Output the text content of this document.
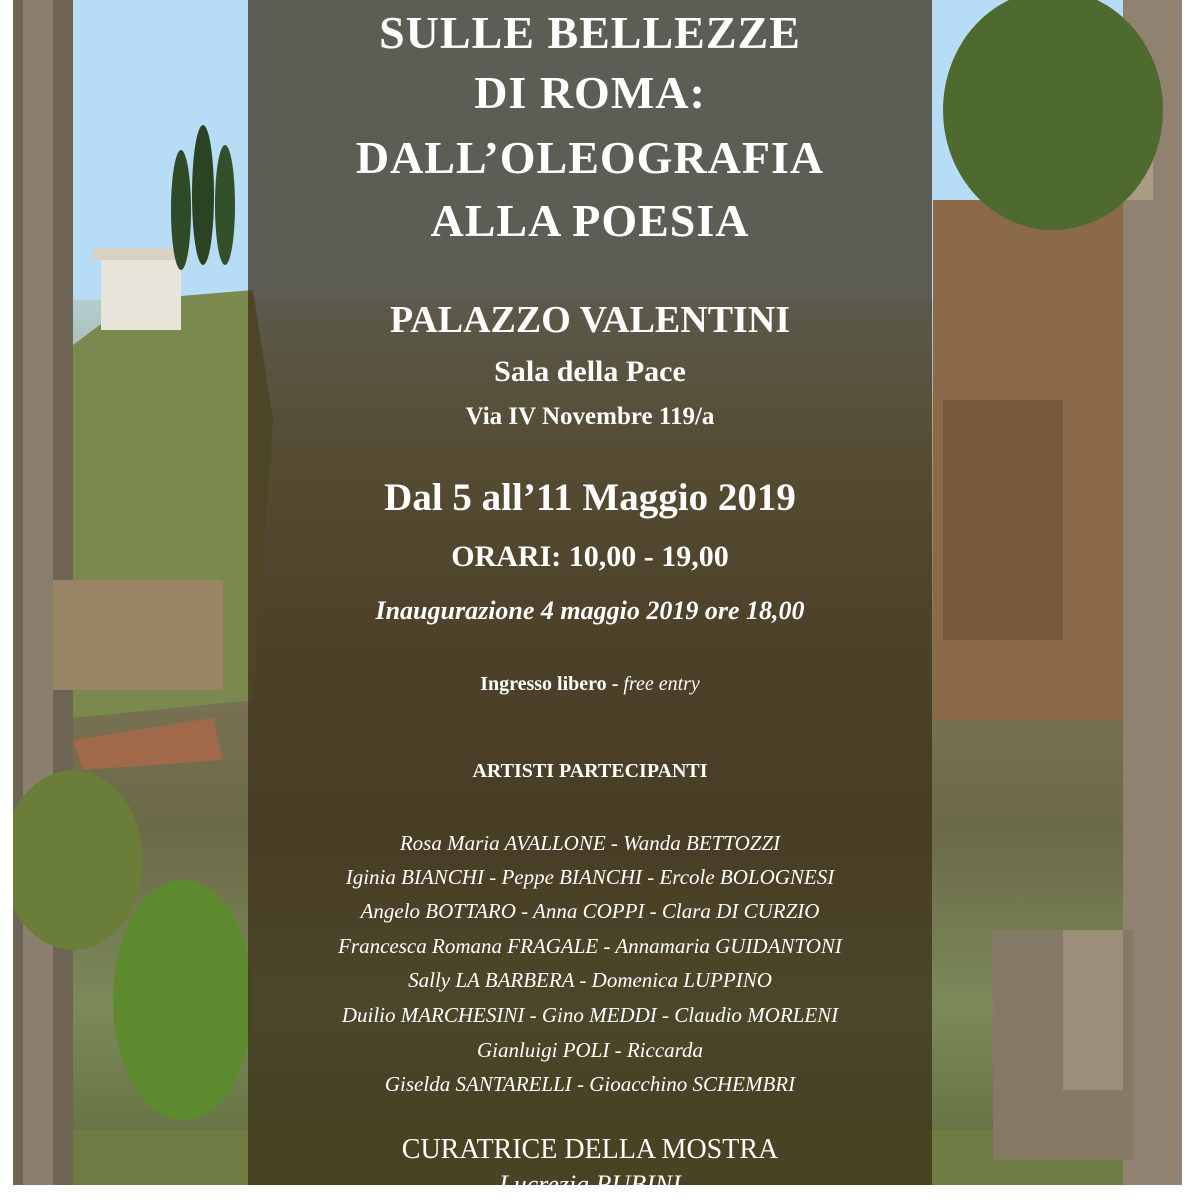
SULLE BELLEZZE
DI ROMA:
DALL’OLEOGRAFIA
ALLA POESIA
PALAZZO VALENTINI
Sala della Pace
Via IV Novembre 119/a
Dal 5 all’11 Maggio 2019
ORARI: 10,00 - 19,00
Inaugurazione 4 maggio 2019 ore 18,00
Ingresso libero - free entry
ARTISTI PARTECIPANTI
Rosa Maria AVALLONE - Wanda BETTOZZI
Iginia BIANCHI - Peppe BIANCHI - Ercole BOLOGNESI
Angelo BOTTARO - Anna COPPI - Clara DI CURZIO
Francesca Romana FRAGALE - Annamaria GUIDANTONI
Sally LA BARBERA - Domenica LUPPINO
Duilio MARCHESINI - Gino MEDDI - Claudio MORLENI
Gianluigi POLI - Riccarda
Giselda SANTARELLI - Gioacchino SCHEMBRI
CURATRICE DELLA MOSTRA
Lucrezia RUBINI
